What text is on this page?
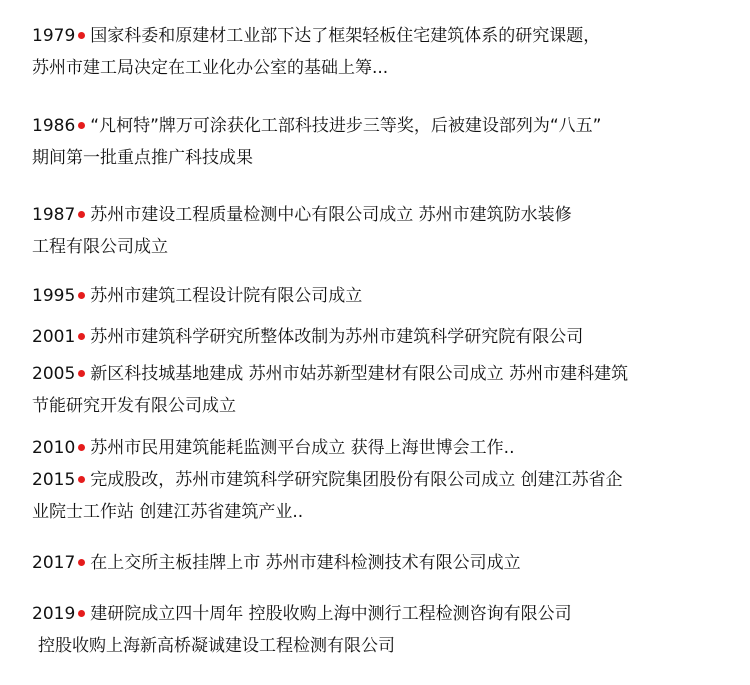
1979 国家科委和原建材工业部下达了框架轻板住宅建筑体系的研究课题，
苏州市建工局决定在工业化办公室的基础上筹...
1986 “凡柯特”牌万可涂获化工部科技进步三等奖，后被建设部列为“八五”
期间第一批重点推广科技成果
1987 苏州市建设工程质量检测中心有限公司成立 苏州市建筑防水装修
工程有限公司成立
1995 苏州市建筑工程设计院有限公司成立
2001 苏州市建筑科学研究所整体改制为苏州市建筑科学研究院有限公司
2005 新区科技城基地建成 苏州市姑苏新型建材有限公司成立 苏州市建科建筑
节能研究开发有限公司成立
2010 苏州市民用建筑能耗监测平台成立 获得上海世博会工作..
2015 完成股改，苏州市建筑科学研究院集团股份有限公司成立 创建江苏省企
业院士工作站 创建江苏省建筑产业..
2017 在上交所主板挂牌上市 苏州市建科检测技术有限公司成立
2019 建研院成立四十周年 控股收购上海中测行工程检测咨询有限公司
控股收购上海新高桥凝诚建设工程检测有限公司
